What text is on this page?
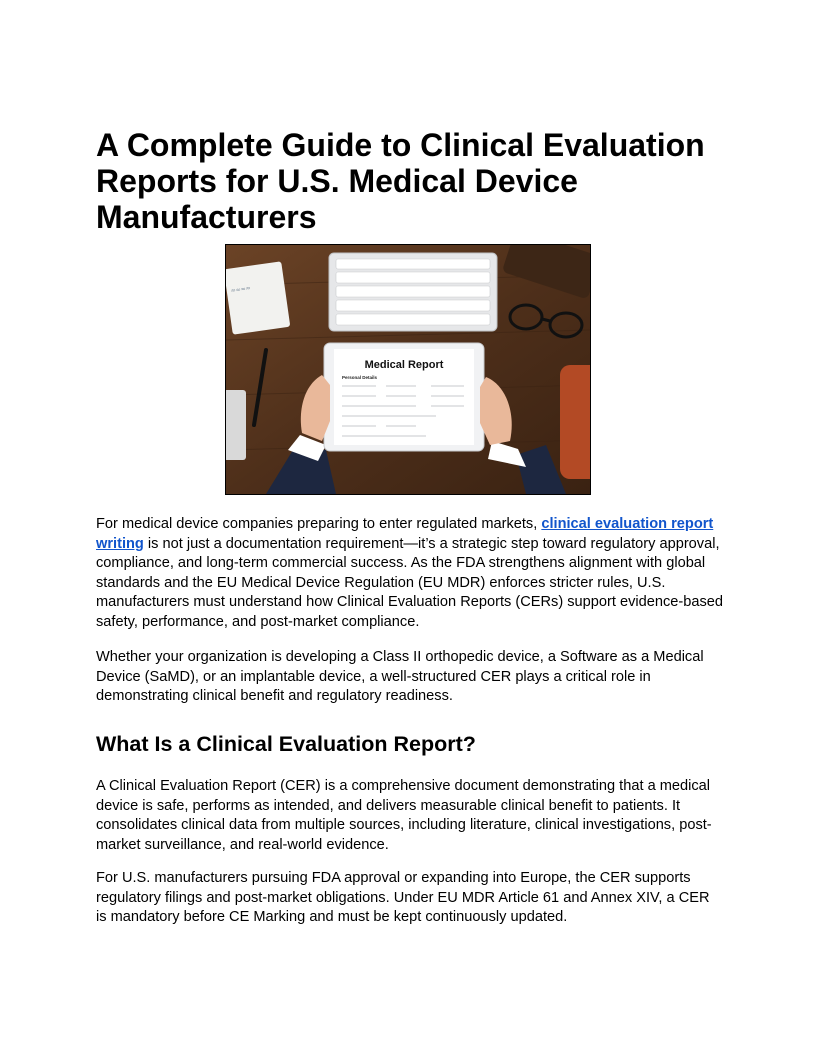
A Complete Guide to Clinical Evaluation Reports for U.S. Medical Device Manufacturers
≈≈≈≈
Medical Report
Personal Details

For medical device companies preparing to enter regulated markets, clinical evaluation report writing is not just a documentation requirement—it’s a strategic step toward regulatory approval, compliance, and long-term commercial success. As the FDA strengthens alignment with global standards and the EU Medical Device Regulation (EU MDR) enforces stricter rules, U.S. manufacturers must understand how Clinical Evaluation Reports (CERs) support evidence-based safety, performance, and post-market compliance.

Whether your organization is developing a Class II orthopedic device, a Software as a Medical Device (SaMD), or an implantable device, a well-structured CER plays a critical role in demonstrating clinical benefit and regulatory readiness.

What Is a Clinical Evaluation Report?

A Clinical Evaluation Report (CER) is a comprehensive document demonstrating that a medical device is safe, performs as intended, and delivers measurable clinical benefit to patients. It consolidates clinical data from multiple sources, including literature, clinical investigations, post-market surveillance, and real-world evidence.

For U.S. manufacturers pursuing FDA approval or expanding into Europe, the CER supports regulatory filings and post-market obligations. Under EU MDR Article 61 and Annex XIV, a CER is mandatory before CE Marking and must be kept continuously updated.
